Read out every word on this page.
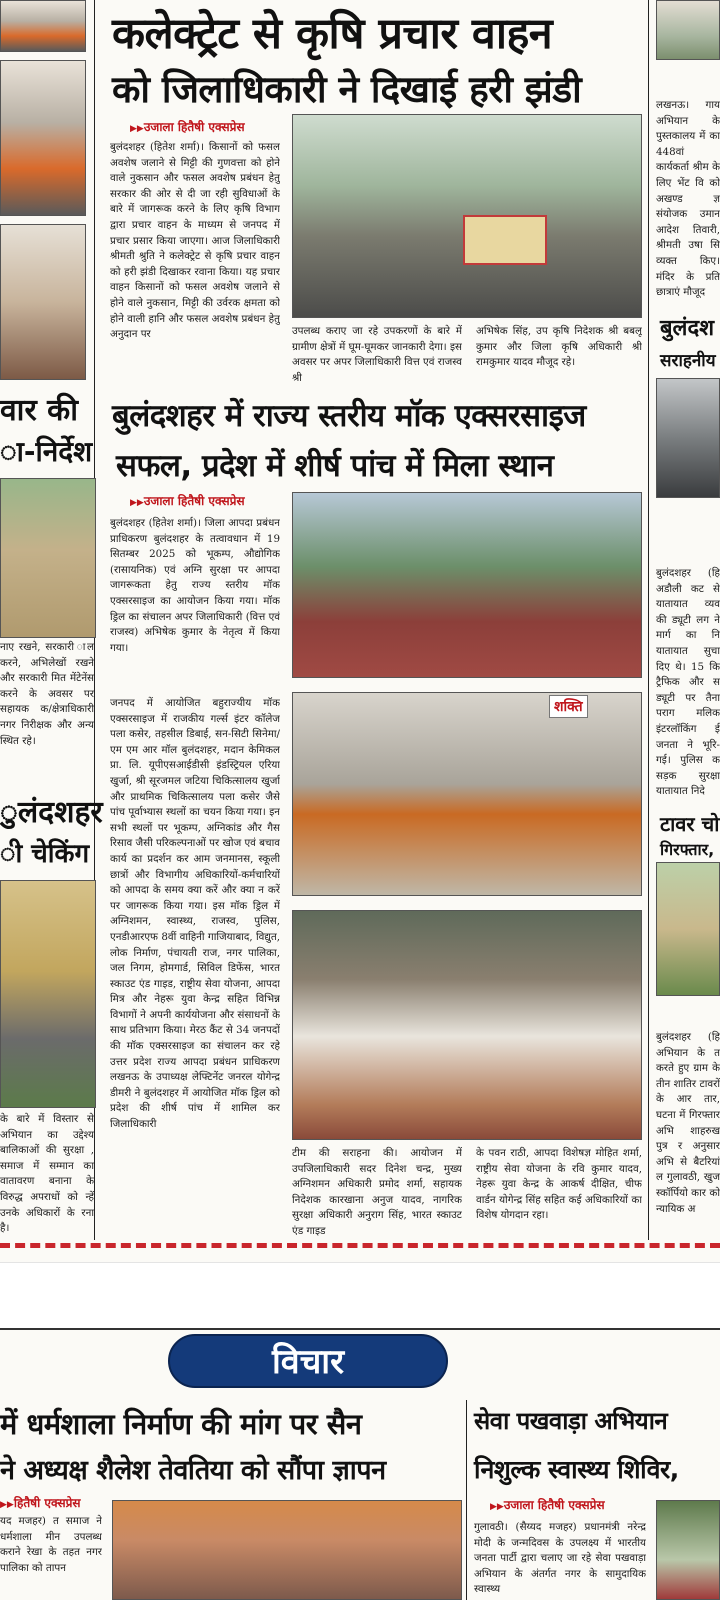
वार की
ा-निर्देश
नाए रखने, सरकारी ाल करने, अभिलेखों रखने और सरकारी मित मेंटेनेंस करने के अवसर पर सहायक क/क्षेत्राधिकारी नगर निरीक्षक और अन्य स्थित रहे।
ुलंदशहर
ी चेकिंग
के बारे में विस्तार से अभियान का उद्देश्य बालिकाओं की सुरक्षा , समाज में सम्मान का वातावरण बनाना के विरुद्ध अपराधों को न्हें उनके अधिकारों के रना है।
कलेक्ट्रेट से कृषि प्रचार वाहन
को जिलाधिकारी ने दिखाई हरी झंडी
▶▶ उजाला हितैषी एक्सप्रेस
बुलंदशहर (हितेश शर्मा)। किसानों को फसल अवशेष जलाने से मिट्टी की गुणवत्ता को होने वाले नुकसान और फसल अवशेष प्रबंधन हेतु सरकार की ओर से दी जा रही सुविधाओं के बारे में जागरूक करने के लिए कृषि विभाग द्वारा प्रचार वाहन के माध्यम से जनपद में प्रचार प्रसार किया जाएगा। आज जिलाधिकारी श्रीमती श्रुति ने कलेक्ट्रेट से कृषि प्रचार वाहन को हरी झंडी दिखाकर रवाना किया। यह प्रचार वाहन किसानों को फसल अवशेष जलाने से होने वाले नुकसान, मिट्टी की उर्वरक क्षमता को होने वाली हानि और फसल अवशेष प्रबंधन हेतु अनुदान पर	उपलब्ध कराए जा रहे उपकरणों के बारे में ग्रामीण क्षेत्रों में घूम-घूमकर जानकारी देगा। इस अवसर पर अपर जिलाधिकारी वित्त एवं राजस्व श्री
अभिषेक सिंह, उप कृषि निदेशक श्री बबलू कुमार और जिला कृषि अधिकारी श्री रामकुमार यादव मौजूद रहे।
बुलंदशहर में राज्य स्तरीय मॉक एक्सरसाइज
सफल, प्रदेश में शीर्ष पांच में मिला स्थान
▶▶ उजाला हितैषी एक्सप्रेस
बुलंदशहर (हितेश शर्मा)। जिला आपदा प्रबंधन प्राधिकरण बुलंदशहर के तत्वावधान में 19 सितम्बर 2025 को भूकम्प, औद्योगिक (रासायनिक) एवं अग्नि सुरक्षा पर आपदा जागरूकता हेतु राज्य स्तरीय मॉक एक्सरसाइज का आयोजन किया गया। मॉक ड्रिल का संचालन अपर जिलाधिकारी (वित्त एवं राजस्व) अभिषेक कुमार के नेतृत्व में किया गया।
जनपद में आयोजित बहुराज्यीय मॉक एक्सरसाइज में राजकीय गर्ल्स इंटर कॉलेज पला कसेर, तहसील डिबाई, सन-सिटी सिनेमा/एम एम आर मॉल बुलंदशहर, मदान केमिकल प्रा. लि. यूपीएसआईडीसी इंडस्ट्रियल एरिया खुर्जा, श्री सूरजमल जटिया चिकित्सालय खुर्जा और प्राथमिक चिकित्सालय पला कसेर जैसे पांच पूर्वाभ्यास स्थलों का चयन किया गया। इन सभी स्थलों पर भूकम्प, अग्निकांड और गैस रिसाव जैसी परिकल्पनाओं पर खोज एवं बचाव कार्य का प्रदर्शन कर आम जनमानस, स्कूली छात्रों और विभागीय अधिकारियों-कर्मचारियों को आपदा के समय क्या करें और क्या न करें पर जागरूक किया गया। इस मॉक ड्रिल में अग्निशमन, स्वास्थ्य, राजस्व, पुलिस, एनडीआरएफ 8वीं वाहिनी गाजियाबाद, विद्युत, लोक निर्माण, पंचायती राज, नगर पालिका, जल निगम, होमगार्ड, सिविल डिफेंस, भारत स्काउट एंड गाइड, राष्ट्रीय सेवा योजना, आपदा मित्र और नेहरू युवा केन्द्र सहित विभिन्न विभागों ने अपनी कार्ययोजना और संसाधनों के साथ प्रतिभाग किया। मेरठ कैंट से 34 जनपदों की मॉक एक्सरसाइज का संचालन कर रहे उत्तर प्रदेश राज्य आपदा प्रबंधन प्राधिकरण लखनऊ के उपाध्यक्ष लेफ्टिनेंट जनरल योगेन्द्र डीमरी ने बुलंदशहर में आयोजित मॉक ड्रिल को प्रदेश की शीर्ष पांच में शामिल कर जिलाधिकारी
शक्ति
टीम की सराहना की। आयोजन में उपजिलाधिकारी सदर दिनेश चन्द्र, मुख्य अग्निशमन अधिकारी प्रमोद शर्मा, सहायक निदेशक कारखाना अनुज यादव, नागरिक सुरक्षा अधिकारी अनुराग सिंह, भारत स्काउट एंड गाइड
के पवन राठी, आपदा विशेषज्ञ मोहित शर्मा, राष्ट्रीय सेवा योजना के रवि कुमार यादव, नेहरू युवा केन्द्र के आकर्ष दीक्षित, चीफ वार्डन योगेन्द्र सिंह सहित कई अधिकारियों का विशेष योगदान रहा।
लखनऊ। गाय अभियान के पुस्तकालय में का 448वां कार्यकर्ता श्रीम के लिए भेंट वि को अखण्ड ज्ञ संयोजक उमान आदेश तिवारी, श्रीमती उषा सि व्यक्त किए। मंदिर के प्रति छात्राएं मौजूद
बुलंदश
सराहनीय
बुलंदशहर (हि अडौली कट से यातायात व्यव की ड्यूटी लग ने मार्ग का नि यातायात सुचा दिए थे। 15 कि ट्रैफिक और स ड्यूटी पर तैना पराग मलिक इंटरलॉकिंग ई जनता ने भूरि- गई। पुलिस क सड़क सुरक्षा यातायात निदे
टावर चो
गिरफ्तार,
बुलंदशहर (हि अभियान के त करते हुए ग्राम के तीन शातिर टावरों के आर तार, घटना में गिरफ्तार अभि शाहरुख पुत्र र अनुसार अभि से बैटरियां ल गुलावठी, खुज स्कॉर्पियो कार को न्यायिक अ
विचार
में धर्मशाला निर्माण की मांग पर सैन
ने अध्यक्ष शैलेश तेवतिया को सौंपा ज्ञापन
सेवा पखवाड़ा अभियान
निशुल्क स्वास्थ्य शिविर,
▶▶ हितैषी एक्सप्रेस
यद मजहर) त समाज ने धर्मशाला मीन उपलब्ध कराने रेखा के तहत नगर पालिका को तापन
▶▶ उजाला हितैषी एक्सप्रेस
गुलावठी। (सैय्यद मजहर) प्रधानमंत्री नरेन्द्र मोदी के जन्मदिवस के उपलक्ष्य में भारतीय जनता पार्टी द्वारा चलाए जा रहे सेवा पखवाड़ा अभियान के अंतर्गत नगर के सामुदायिक स्वास्थ्य
